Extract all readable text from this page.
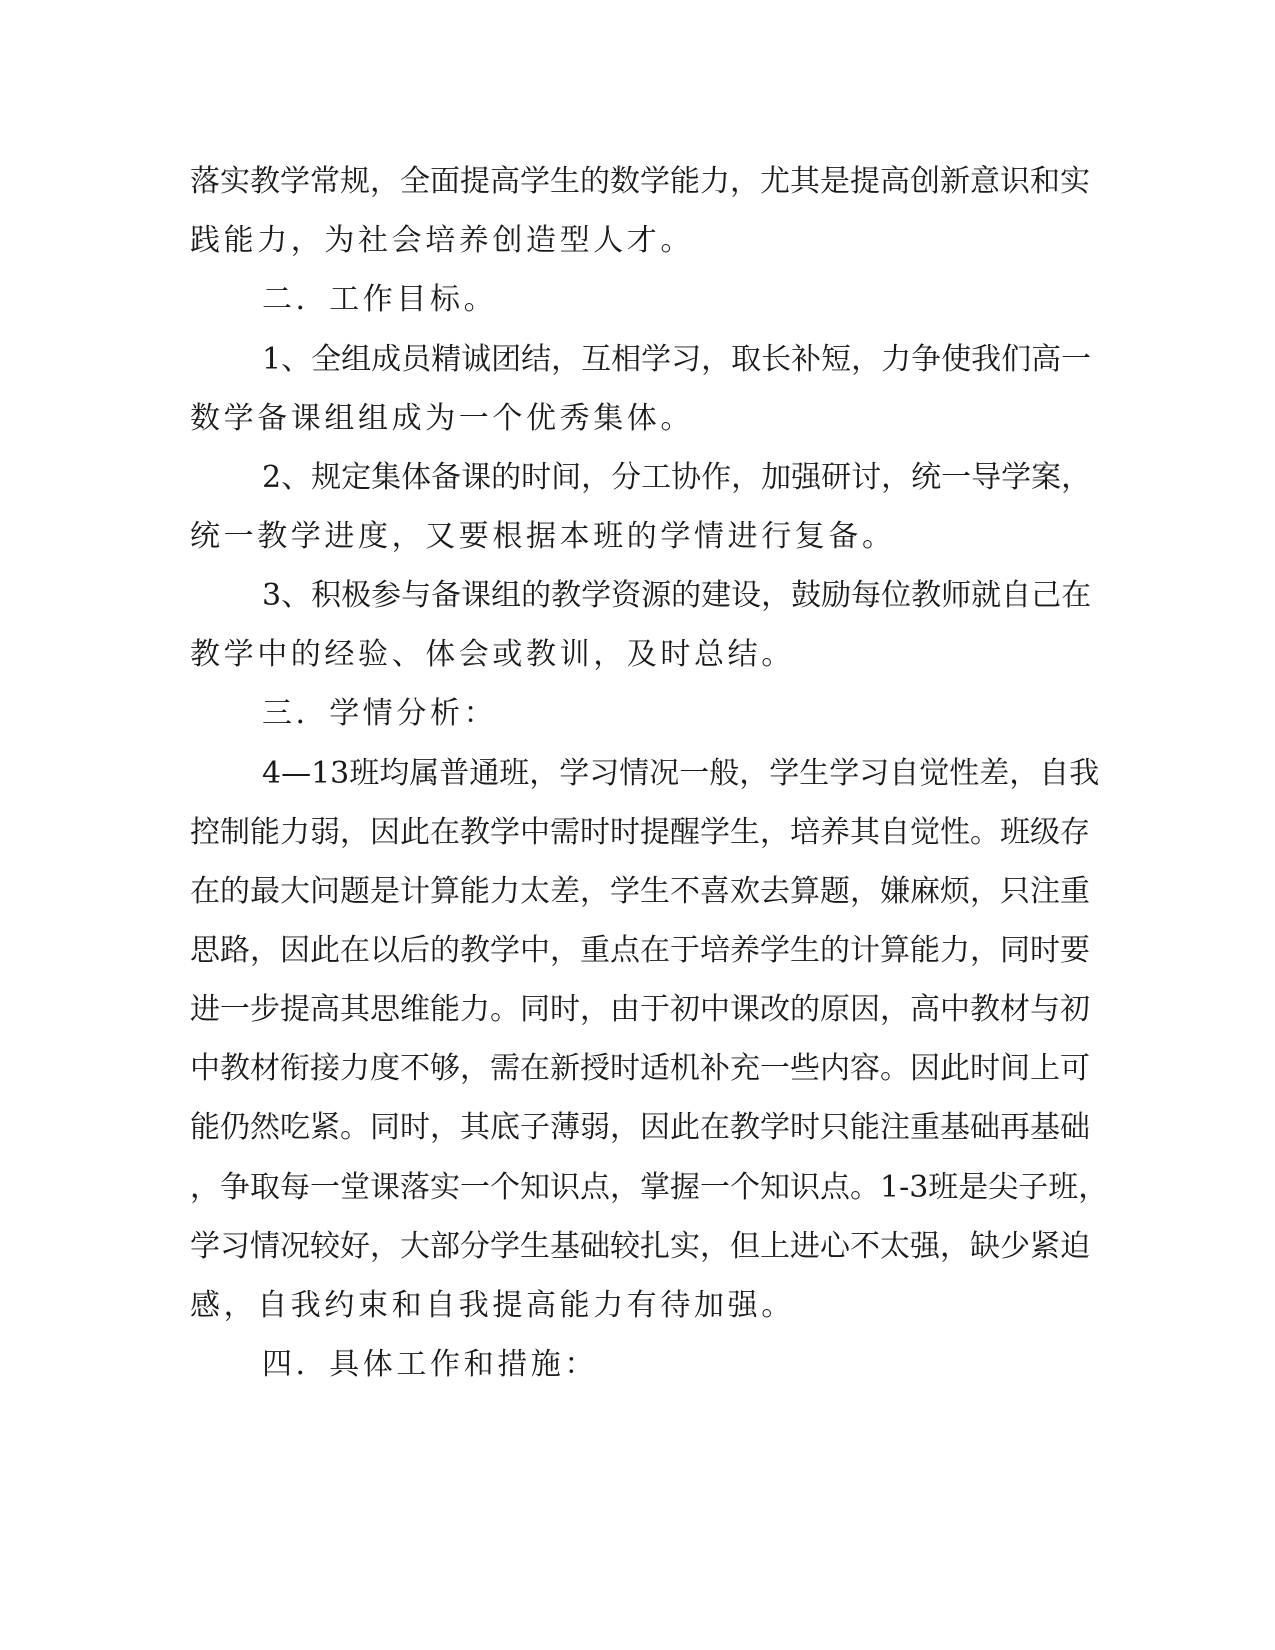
落实教学常规，全面提高学生的数学能力，尤其是提高创新意识和实
践能力，为社会培养创造型人才。
二．工作目标。
1、全组成员精诚团结，互相学习，取长补短，力争使我们高一
数学备课组组成为一个优秀集体。
2、规定集体备课的时间，分工协作，加强研讨，统一导学案，
统一教学进度，又要根据本班的学情进行复备。
3、积极参与备课组的教学资源的建设，鼓励每位教师就自己在
教学中的经验、体会或教训，及时总结。
三．学情分析：
4—13班均属普通班，学习情况一般，学生学习自觉性差，自我
控制能力弱，因此在教学中需时时提醒学生，培养其自觉性。班级存
在的最大问题是计算能力太差，学生不喜欢去算题，嫌麻烦，只注重
思路，因此在以后的教学中，重点在于培养学生的计算能力，同时要
进一步提高其思维能力。同时，由于初中课改的原因，高中教材与初
中教材衔接力度不够，需在新授时适机补充一些内容。因此时间上可
能仍然吃紧。同时，其底子薄弱，因此在教学时只能注重基础再基础
，争取每一堂课落实一个知识点，掌握一个知识点。1-3班是尖子班，
学习情况较好，大部分学生基础较扎实，但上进心不太强，缺少紧迫
感，自我约束和自我提高能力有待加强。
四．具体工作和措施：
